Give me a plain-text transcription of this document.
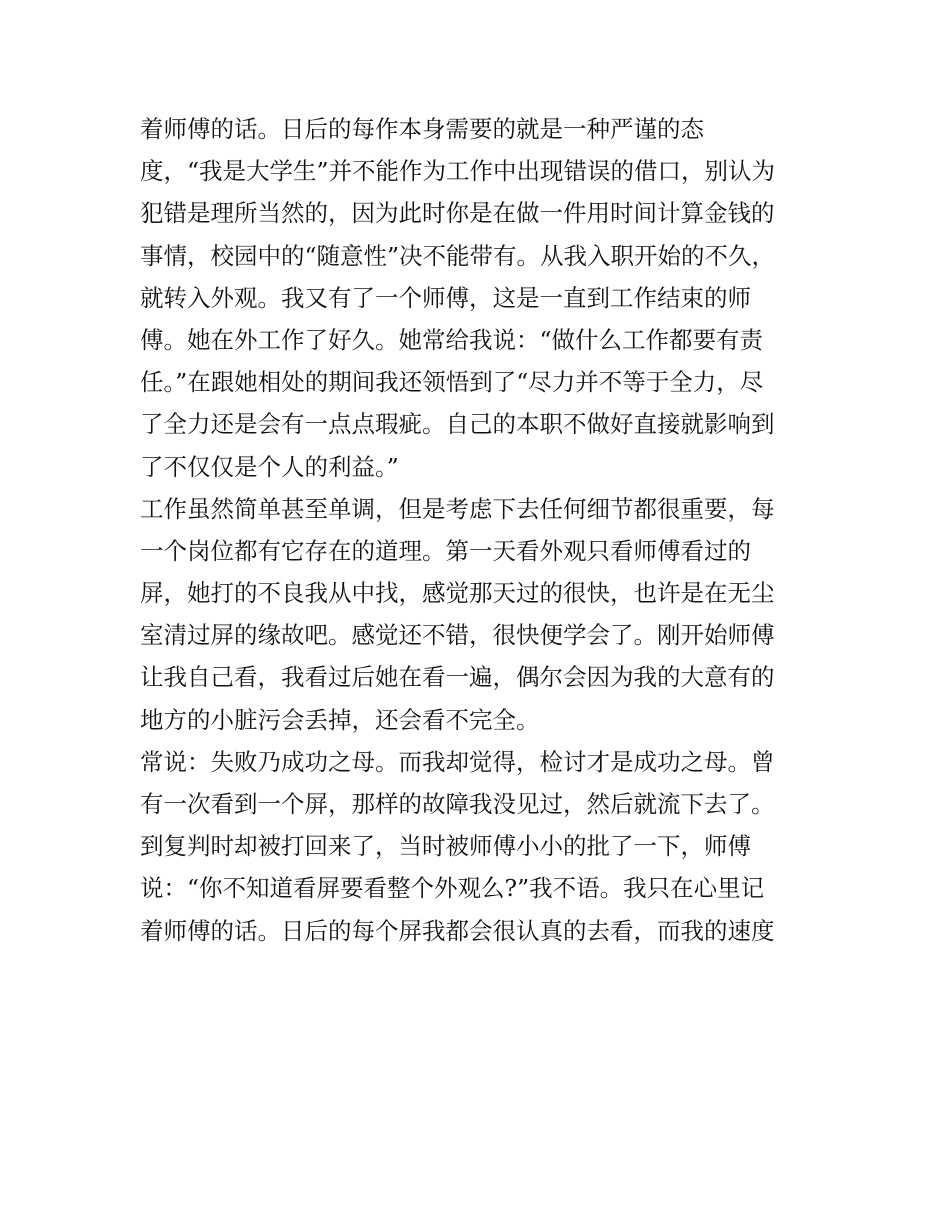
着师傅的话。日后的每作本身需要的就是一种严谨的态
度，“我是大学生”并不能作为工作中出现错误的借口，别认为
犯错是理所当然的，因为此时你是在做一件用时间计算金钱的
事情，校园中的“随意性”决不能带有。从我入职开始的不久，
就转入外观。我又有了一个师傅，这是一直到工作结束的师
傅。她在外工作了好久。她常给我说：“做什么工作都要有责
任。”在跟她相处的期间我还领悟到了“尽力并不等于全力，尽
了全力还是会有一点点瑕疵。自己的本职不做好直接就影响到
了不仅仅是个人的利益。”
工作虽然简单甚至单调，但是考虑下去任何细节都很重要，每
一个岗位都有它存在的道理。第一天看外观只看师傅看过的
屏，她打的不良我从中找，感觉那天过的很快，也许是在无尘
室清过屏的缘故吧。感觉还不错，很快便学会了。刚开始师傅
让我自己看，我看过后她在看一遍，偶尔会因为我的大意有的
地方的小脏污会丢掉，还会看不完全。
常说：失败乃成功之母。而我却觉得，检讨才是成功之母。曾
有一次看到一个屏，那样的故障我没见过，然后就流下去了。
到复判时却被打回来了，当时被师傅小小的批了一下，师傅
说：“你不知道看屏要看整个外观么?”我不语。我只在心里记
着师傅的话。日后的每个屏我都会很认真的去看，而我的速度
